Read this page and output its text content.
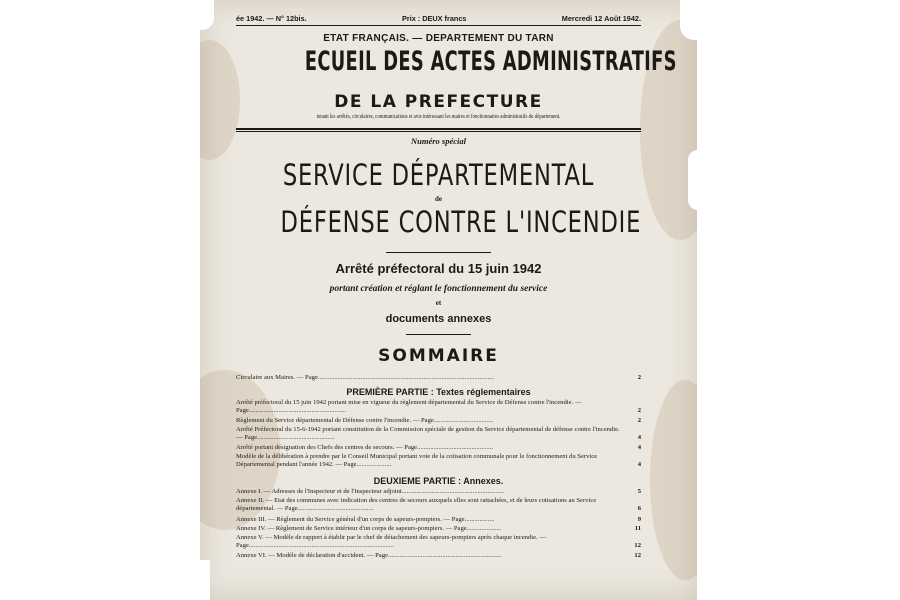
ée 1942. — N° 12bis.	Prix : DEUX francs	Mercredi 12 Août 1942.
ETAT FRANÇAIS. — DEPARTEMENT DU TARN
ECUEIL DES ACTES ADMINISTRATIFS
DE LA PREFECTURE
tenant les arrêtés, circulaires, communications et avis intéressant les maires et fonctionnaires administratifs du département.
Numéro spécial
SERVICE DÉPARTEMENTAL
de
DÉFENSE CONTRE L'INCENDIE
Arrêté préfectoral du 15 juin 1942
portant création et réglant le fonctionnement du service
et
documents annexes
SOMMAIRE
Circulaire aux Maires. — Page...........................................................................................................	2
PREMIÈRE PARTIE : Textes réglementaires
Arrêté préfectoral du 15 juin 1942 portant mise en vigueur du règlement départemental du Service de Défense contre l'incendie. — Page...........................................................	2
Règlement du Service départemental de Défense contre l'incendie. — Page....................................	2
Arrêté Préfectoral du 15-6-1942 portant constitution de la Commission spéciale de gestion du Service départemental de défense contre l'incendie. — Page...............................................	4
Arrêté portant désignation des Chefs des centres de secours. — Page..............................................	4
Modèle de la délibération à prendre par le Conseil Municipal portant vote de la cotisation communale pour le fonctionnement du Service Départemental pendant l'année 1942. — Page.....................	4
DEUXIEME PARTIE : Annexes.
Annexe I. — Adresses de l'Inspecteur et de l'Inspecteur adjoint..............................................................	5
Annexe II. — Etat des communes avec indication des centres de secours auxquels elles sont rattachées, et de leurs cotisations au Service départemental. — Page..............................................	6
Annexe III. — Règlement du Service général d'un corps de sapeurs-pompiers. — Page..................	9
Annexe IV. — Règlement de Service intérieur d'un corps de sapeurs-pompiers. — Page.....................	11
Annexe V. — Modèle de rapport à établir par le chef de détachement des sapeurs-pompiers après chaque incendie. — Page........................................................................................	12
Annexe VI. — Modèle de déclaration d'accident. — Page.....................................................................	12
